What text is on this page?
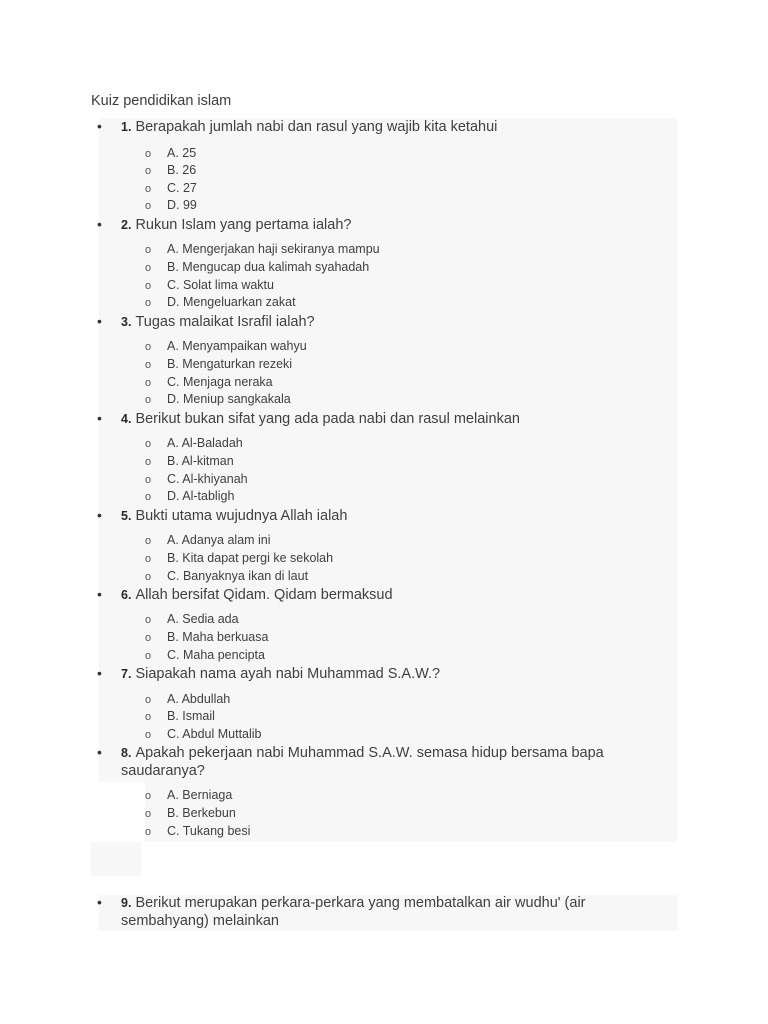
Kuiz pendidikan islam
• 1. Berapakah jumlah nabi dan rasul yang wajib kita ketahui
o A. 25
o B. 26
o C. 27
o D. 99
• 2. Rukun Islam yang pertama ialah?
o A. Mengerjakan haji sekiranya mampu
o B. Mengucap dua kalimah syahadah
o C. Solat lima waktu
o D. Mengeluarkan zakat
• 3. Tugas malaikat Israfil ialah?
o A. Menyampaikan wahyu
o B. Mengaturkan rezeki
o C. Menjaga neraka
o D. Meniup sangkakala
• 4. Berikut bukan sifat yang ada pada nabi dan rasul melainkan
o A. Al-Baladah
o B. Al-kitman
o C. Al-khiyanah
o D. Al-tabligh
• 5. Bukti utama wujudnya Allah ialah
o A. Adanya alam ini
o B. Kita dapat pergi ke sekolah
o C. Banyaknya ikan di laut
• 6. Allah bersifat Qidam. Qidam bermaksud
o A. Sedia ada
o B. Maha berkuasa
o C. Maha pencipta
• 7. Siapakah nama ayah nabi Muhammad S.A.W.?
o A. Abdullah
o B. Ismail
o C. Abdul Muttalib
• 8. Apakah pekerjaan nabi Muhammad S.A.W. semasa hidup bersama bapa saudaranya?
o A. Berniaga
o B. Berkebun
o C. Tukang besi
• 9. Berikut merupakan perkara-perkara yang membatalkan air wudhu' (air sembahyang) melainkan
